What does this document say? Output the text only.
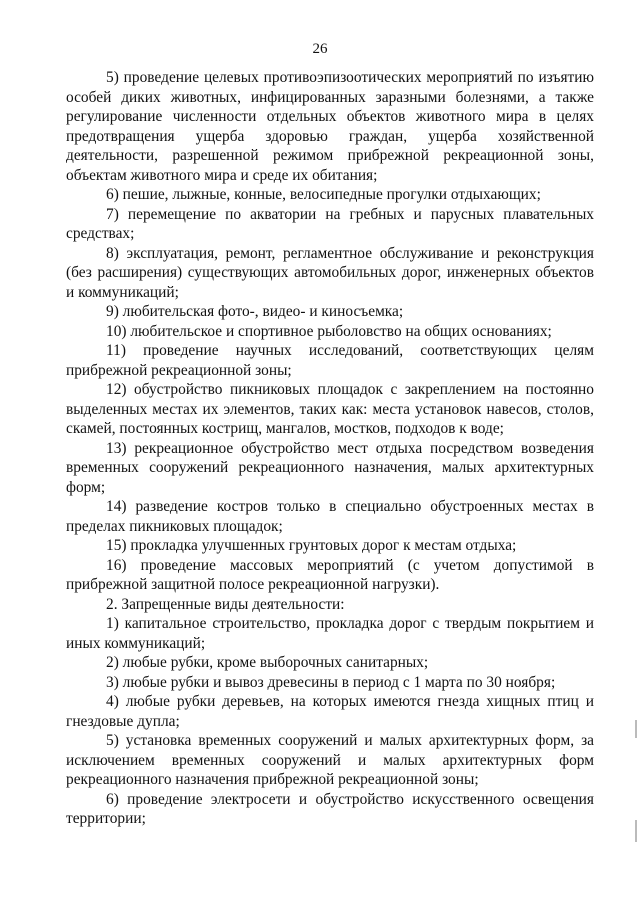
26

5) проведение целевых противоэпизоотических мероприятий по изъятию особей диких животных, инфицированных заразными болезнями, а также регулирование численности отдельных объектов животного мира в целях предотвращения ущерба здоровью граждан, ущерба хозяйственной деятельности, разрешенной режимом прибрежной рекреационной зоны, объектам животного мира и среде их обитания;

6) пешие, лыжные, конные, велосипедные прогулки отдыхающих;

7) перемещение по акватории на гребных и парусных плавательных средствах;

8) эксплуатация, ремонт, регламентное обслуживание и реконструкция (без расширения) существующих автомобильных дорог, инженерных объектов и коммуникаций;

9) любительская фото-, видео- и киносъемка;

10) любительское и спортивное рыболовство на общих основаниях;

11) проведение научных исследований, соответствующих целям прибрежной рекреационной зоны;

12) обустройство пикниковых площадок с закреплением на постоянно выделенных местах их элементов, таких как: места установок навесов, столов, скамей, постоянных кострищ, мангалов, мостков, подходов к воде;

13) рекреационное обустройство мест отдыха посредством возведения временных сооружений рекреационного назначения, малых архитектурных форм;

14) разведение костров только в специально обустроенных местах в пределах пикниковых площадок;

15) прокладка улучшенных грунтовых дорог к местам отдыха;

16) проведение массовых мероприятий (с учетом допустимой в прибрежной защитной полосе рекреационной нагрузки).

2. Запрещенные виды деятельности:

1) капитальное строительство, прокладка дорог с твердым покрытием и иных коммуникаций;

2) любые рубки, кроме выборочных санитарных;

3) любые рубки и вывоз древесины в период с 1 марта по 30 ноября;

4) любые рубки деревьев, на которых имеются гнезда хищных птиц и гнездовые дупла;

5) установка временных сооружений и малых архитектурных форм, за исключением временных сооружений и малых архитектурных форм рекреационного назначения прибрежной рекреационной зоны;

6) проведение электросети и обустройство искусственного освещения территории;
